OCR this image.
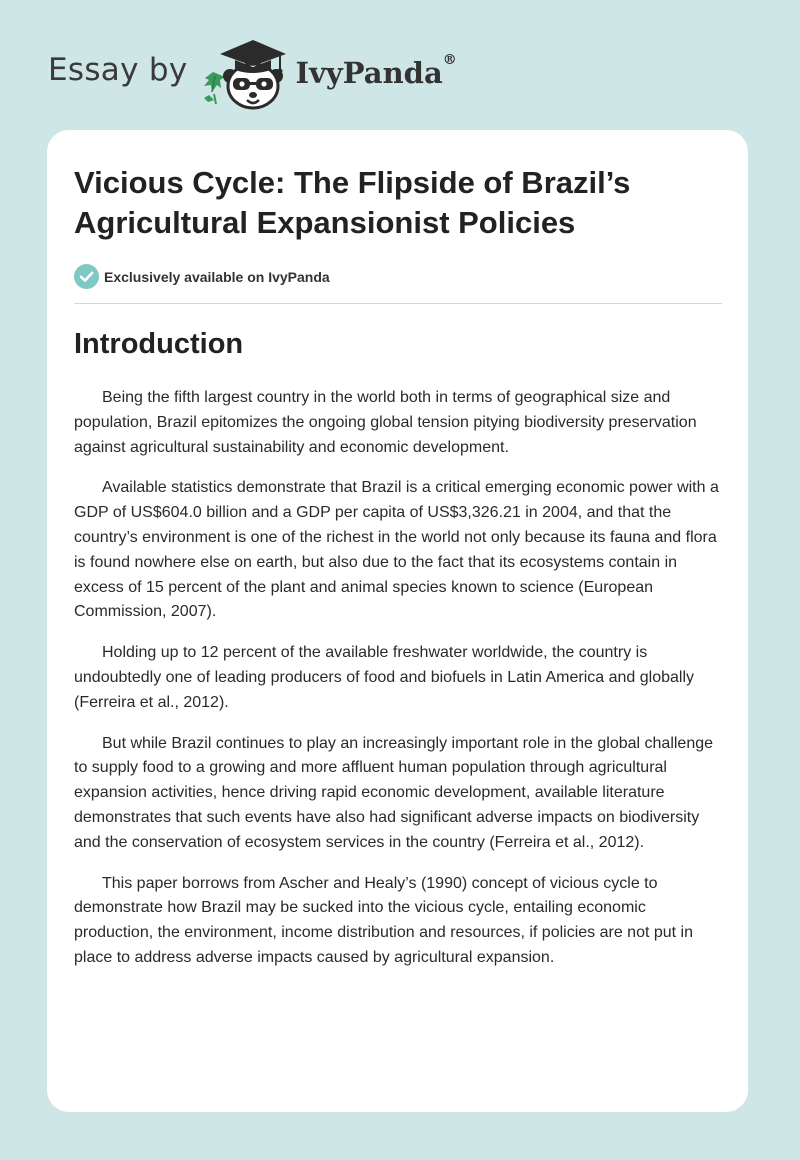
Essay by	IvyPanda®
Vicious Cycle: The Flipside of Brazil’s Agricultural Expansionist Policies
Exclusively available on IvyPanda
Introduction

Being the fifth largest country in the world both in terms of geographical size and population, Brazil epitomizes the ongoing global tension pitying biodiversity preservation against agricultural sustainability and economic development.

Available statistics demonstrate that Brazil is a critical emerging economic power with a GDP of US$604.0 billion and a GDP per capita of US$3,326.21 in 2004, and that the country’s environment is one of the richest in the world not only because its fauna and flora is found nowhere else on earth, but also due to the fact that its ecosystems contain in excess of 15 percent of the plant and animal species known to science (European Commission, 2007).

Holding up to 12 percent of the available freshwater worldwide, the country is undoubtedly one of leading producers of food and biofuels in Latin America and globally (Ferreira et al., 2012).

But while Brazil continues to play an increasingly important role in the global challenge to supply food to a growing and more affluent human population through agricultural expansion activities, hence driving rapid economic development, available literature demonstrates that such events have also had significant adverse impacts on biodiversity and the conservation of ecosystem services in the country (Ferreira et al., 2012).

This paper borrows from Ascher and Healy’s (1990) concept of vicious cycle to demonstrate how Brazil may be sucked into the vicious cycle, entailing economic production, the environment, income distribution and resources, if policies are not put in place to address adverse impacts caused by agricultural expansion.
